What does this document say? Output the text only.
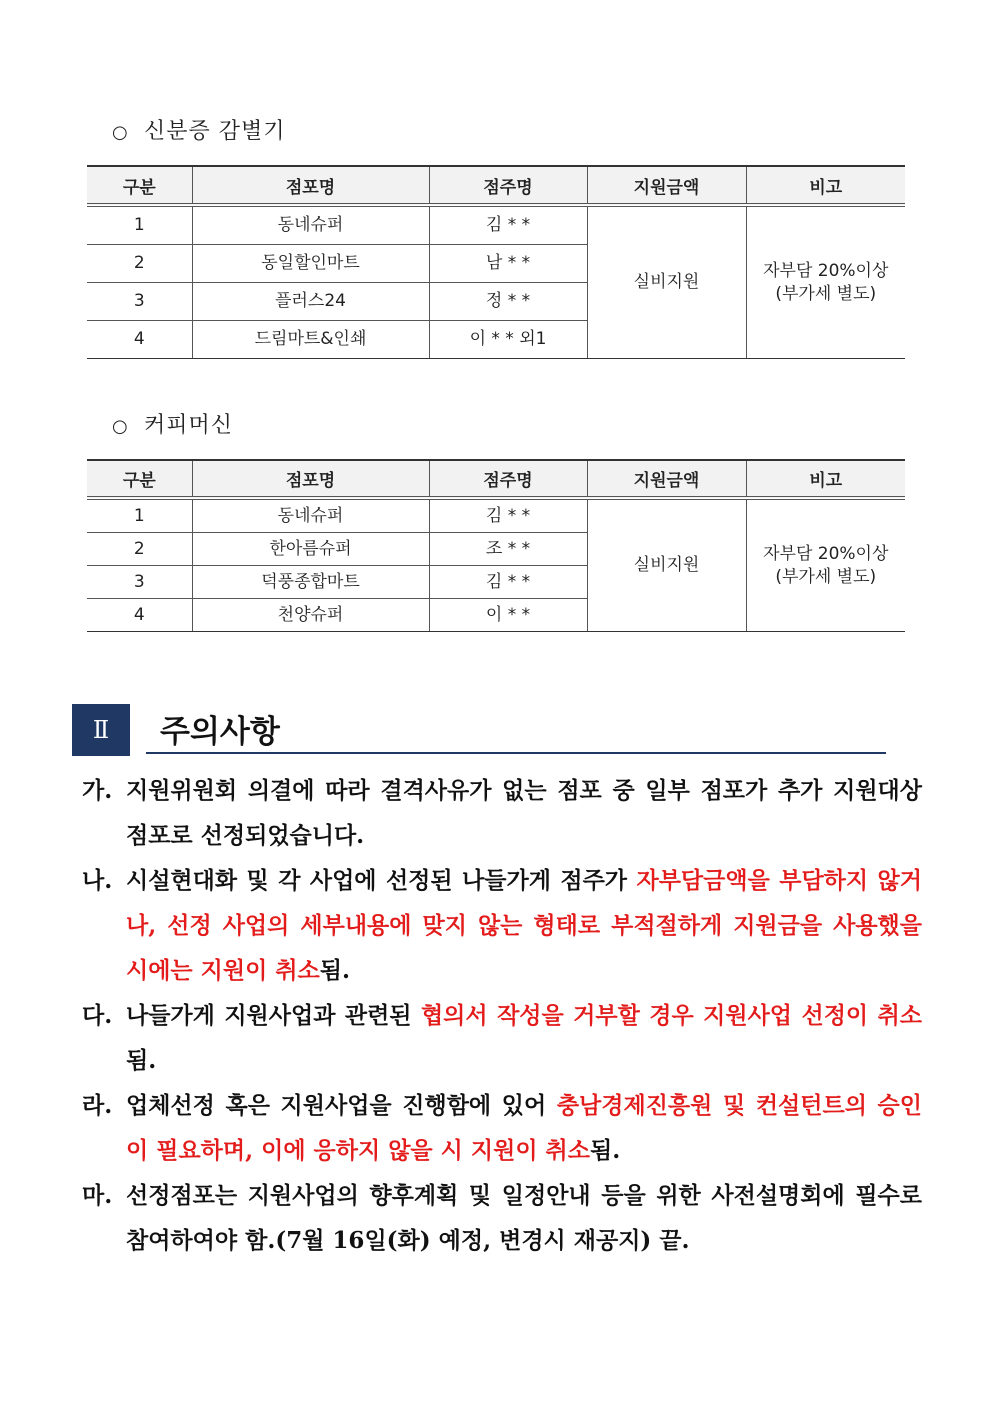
○ 신분증 감별기
구분	점포명	점주명	지원금액	비고
1	동네슈퍼	김 * *	실비지원	자부담 20%이상
(부가세 별도)
2	동일할인마트	남 * *		
3	플러스24	정 * *		
4	드림마트&인쇄	이 * * 외1		
○ 커피머신
구분	점포명	점주명	지원금액	비고
1	동네슈퍼	김 * *	실비지원	자부담 20%이상
(부가세 별도)
2	한아름슈퍼	조 * *		
3	덕풍종합마트	김 * *		
4	천양슈퍼	이 * *		
Ⅱ	주의사항
가. 지원위원회 의결에 따라 결격사유가 없는 점포 중 일부 점포가 추가 지원대상 점포로 선정되었습니다.
나. 시설현대화 및 각 사업에 선정된 나들가게 점주가 자부담금액을 부담하지 않거나, 선정 사업의 세부내용에 맞지 않는 형태로 부적절하게 지원금을 사용했을 시에는 지원이 취소됨.
다. 나들가게 지원사업과 관련된 협의서 작성을 거부할 경우 지원사업 선정이 취소됨.
라. 업체선정 혹은 지원사업을 진행함에 있어 충남경제진흥원 및 컨설턴트의 승인이 필요하며, 이에 응하지 않을 시 지원이 취소됨.
마. 선정점포는 지원사업의 향후계획 및 일정안내 등을 위한 사전설명회에 필수로 참여하여야 함.(7월 16일(화) 예정, 변경시 재공지) 끝.
